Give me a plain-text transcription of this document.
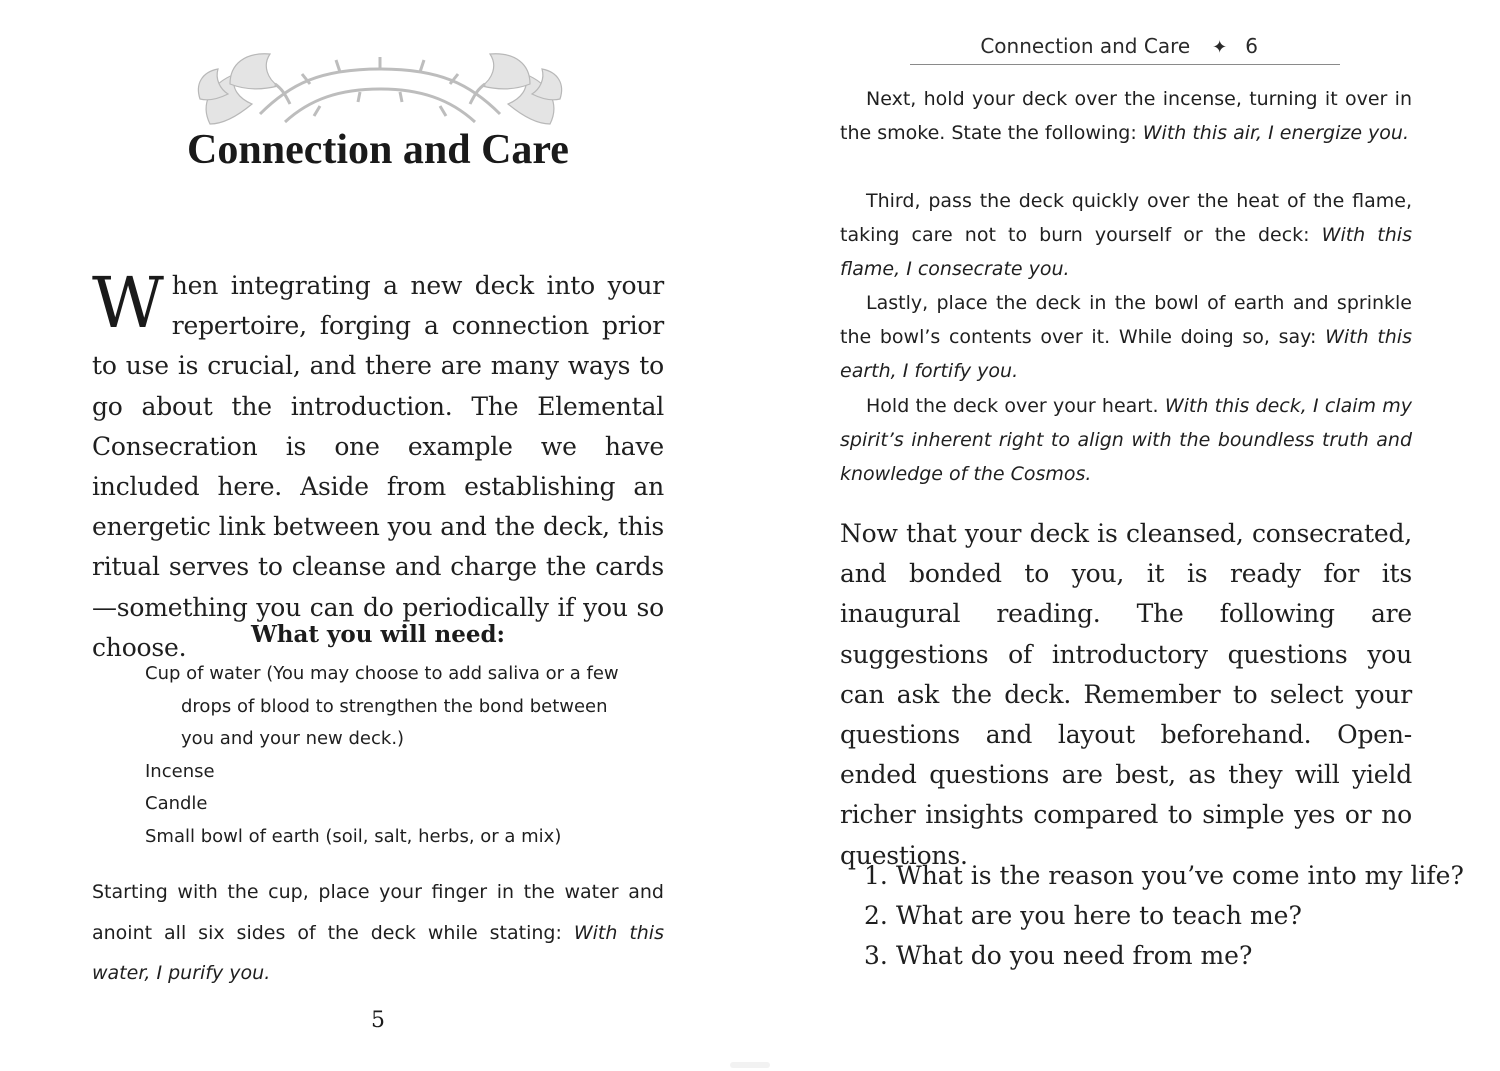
Connection and Care

When integrating a new deck into your repertoire, forging a connection prior to use is crucial, and there are many ways to go about the introduction. The Elemental Consecration is one example we have included here. Aside from establishing an energetic link between you and the deck, this ritual serves to cleanse and charge the cards—something you can do periodically if you so choose.	What you will need:
Cup of water (You may choose to add saliva or a few drops of blood to strengthen the bond between you and your new deck.)
Incense
Candle
Small bowl of earth (soil, salt, herbs, or a mix)

Starting with the cup, place your finger in the water and anoint all six sides of the deck while stating: With this water, I purify you.

5
Connection and Care ✦ 6

Next, hold your deck over the incense, turning it over in the smoke. State the following: With this air, I energize you.

Third, pass the deck quickly over the heat of the flame, taking care not to burn yourself or the deck: With this flame, I consecrate you.

Lastly, place the deck in the bowl of earth and sprinkle the bowl’s contents over it. While doing so, say: With this earth, I fortify you.

Hold the deck over your heart. With this deck, I claim my spirit’s inherent right to align with the boundless truth and knowledge of the Cosmos.

Now that your deck is cleansed, consecrated, and bonded to you, it is ready for its inaugural reading. The following are suggestions of introductory questions you can ask the deck. Remember to select your questions and layout beforehand. Open-ended questions are best, as they will yield richer insights compared to simple yes or no questions.

1. What is the reason you’ve come into my life?
2. What are you here to teach me?
3. What do you need from me?
